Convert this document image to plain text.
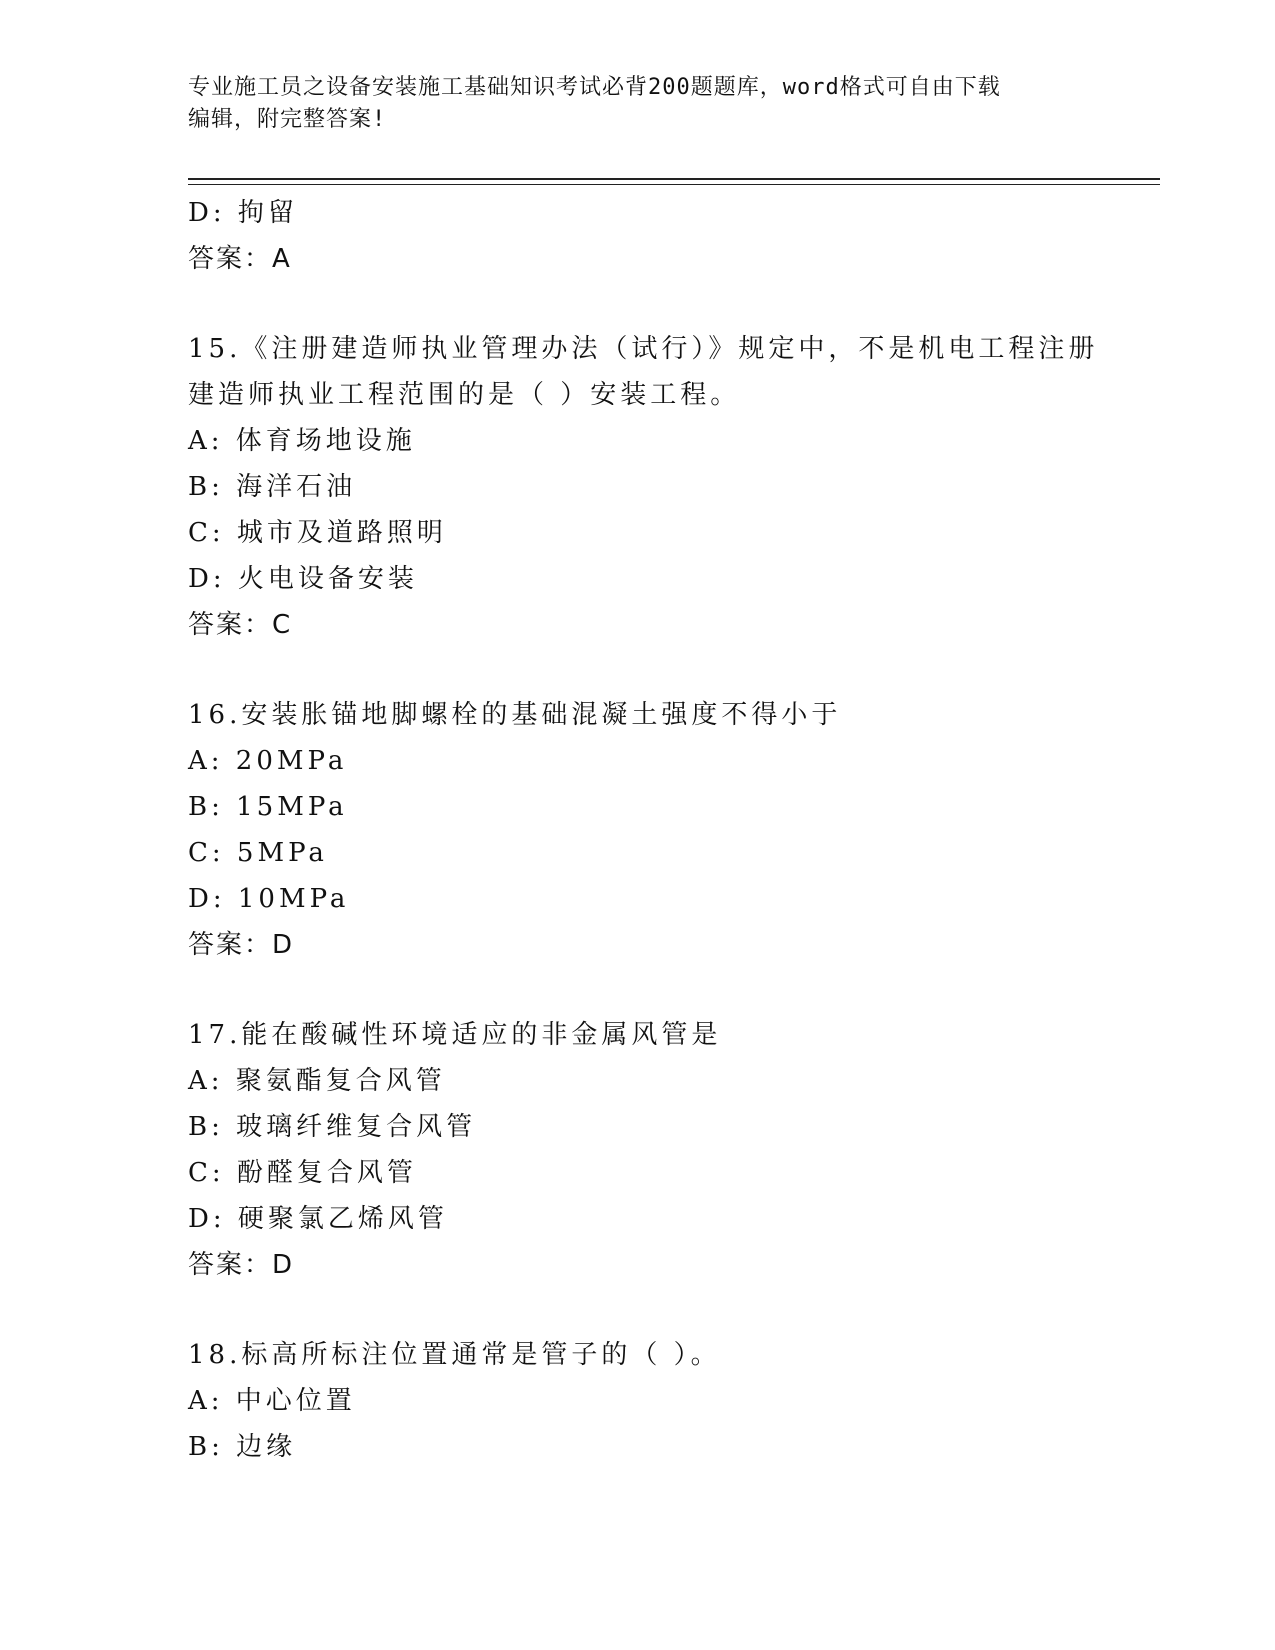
专业施工员之设备安装施工基础知识考试必背200题题库，word格式可自由下载
编辑，附完整答案!
D: 拘留
答案：A
15.《注册建造师执业管理办法（试行）》规定中，不是机电工程注册
建造师执业工程范围的是（ ）安装工程。
A: 体育场地设施
B: 海洋石油
C: 城市及道路照明
D: 火电设备安装
答案：C
16.安装胀锚地脚螺栓的基础混凝土强度不得小于
A: 20MPa
B: 15MPa
C: 5MPa
D: 10MPa
答案：D
17.能在酸碱性环境适应的非金属风管是
A: 聚氨酯复合风管
B: 玻璃纤维复合风管
C: 酚醛复合风管
D: 硬聚氯乙烯风管
答案：D
18.标高所标注位置通常是管子的（ ）。
A: 中心位置
B: 边缘
